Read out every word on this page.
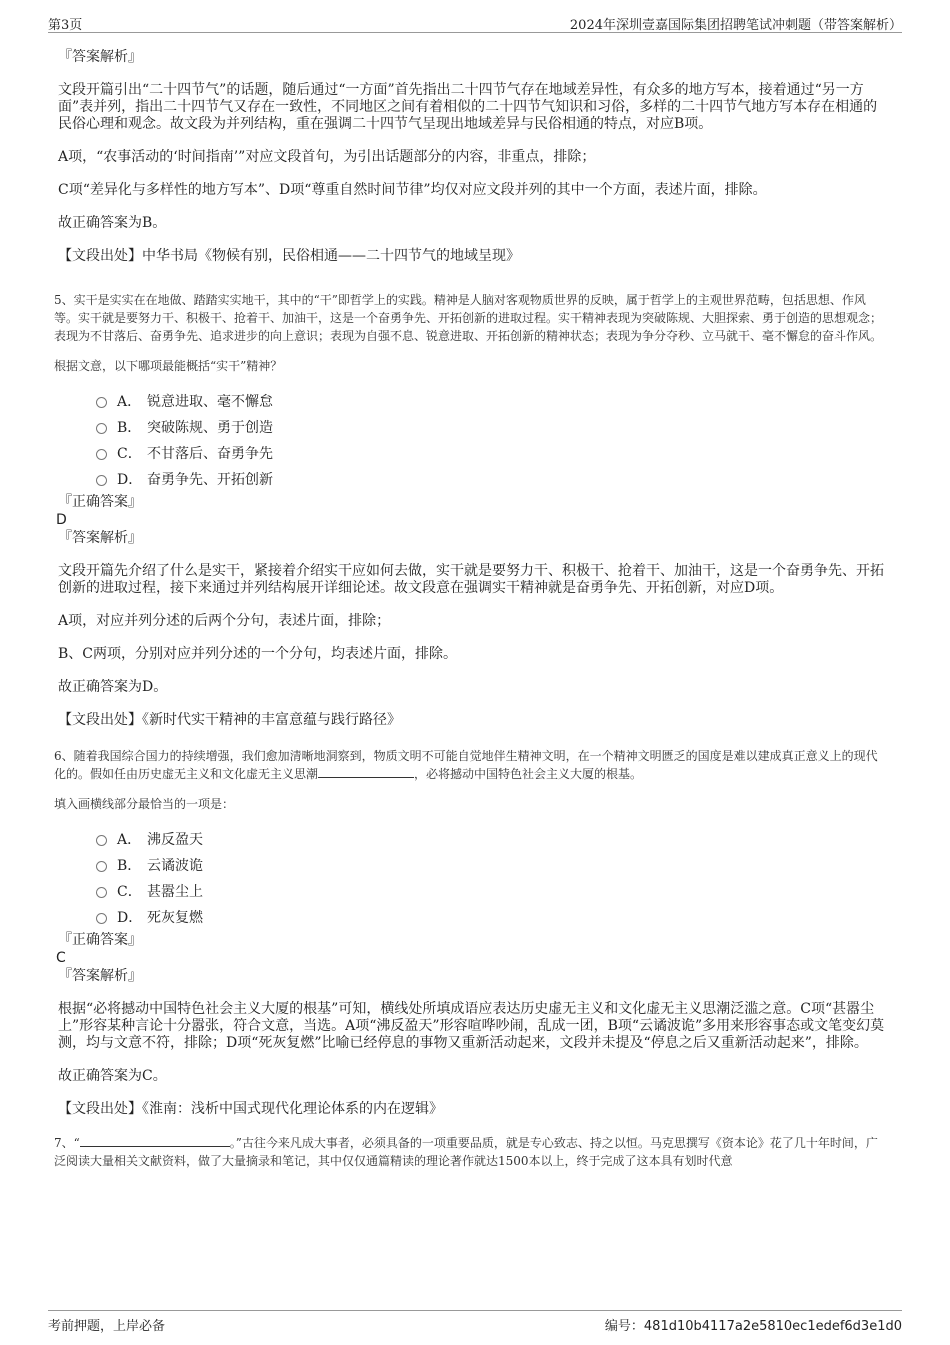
第3页	2024年深圳壹嘉国际集团招聘笔试冲刺题（带答案解析）

『答案解析』

文段开篇引出“二十四节气”的话题，随后通过“一方面”首先指出二十四节气存在地域差异性，有众多的地方写本，接着通过“另一方面”表并列，指出二十四节气又存在一致性，不同地区之间有着相似的二十四节气知识和习俗，多样的二十四节气地方写本存在相通的民俗心理和观念。故文段为并列结构，重在强调二十四节气呈现出地域差异与民俗相通的特点，对应B项。

A项，“农事活动的‘时间指南’”对应文段首句，为引出话题部分的内容，非重点，排除；

C项“差异化与多样性的地方写本”、D项“尊重自然时间节律”均仅对应文段并列的其中一个方面，表述片面，排除。

故正确答案为B。

【文段出处】中华书局《物候有别，民俗相通——二十四节气的地域呈现》

5、实干是实实在在地做、踏踏实实地干，其中的“干”即哲学上的实践。精神是人脑对客观物质世界的反映，属于哲学上的主观世界范畴，包括思想、作风等。实干就是要努力干、积极干、抢着干、加油干，这是一个奋勇争先、开拓创新的进取过程。实干精神表现为突破陈规、大胆探索、勇于创造的思想观念；表现为不甘落后、奋勇争先、追求进步的向上意识；表现为自强不息、锐意进取、开拓创新的精神状态；表现为争分夺秒、立马就干、毫不懈怠的奋斗作风。

根据文意，以下哪项最能概括“实干”精神？

A． 锐意进取、毫不懈怠
B． 突破陈规、勇于创造
C． 不甘落后、奋勇争先
D． 奋勇争先、开拓创新

『正确答案』

D

『答案解析』

文段开篇先介绍了什么是实干，紧接着介绍实干应如何去做，实干就是要努力干、积极干、抢着干、加油干，这是一个奋勇争先、开拓创新的进取过程，接下来通过并列结构展开详细论述。故文段意在强调实干精神就是奋勇争先、开拓创新，对应D项。

A项，对应并列分述的后两个分句，表述片面，排除；

B、C两项，分别对应并列分述的一个分句，均表述片面，排除。

故正确答案为D。

【文段出处】《新时代实干精神的丰富意蕴与践行路径》

6、随着我国综合国力的持续增强，我们愈加清晰地洞察到，物质文明不可能自觉地伴生精神文明，在一个精神文明匮乏的国度是难以建成真正意义上的现代化的。假如任由历史虚无主义和文化虚无主义思潮	，必将撼动中国特色社会主义大厦的根基。

填入画横线部分最恰当的一项是：

A． 沸反盈天
B． 云谲波诡
C． 甚嚣尘上
D． 死灰复燃

『正确答案』

C

『答案解析』

根据“必将撼动中国特色社会主义大厦的根基”可知，横线处所填成语应表达历史虚无主义和文化虚无主义思潮泛滥之意。C项“甚嚣尘上”形容某种言论十分嚣张，符合文意，当选。A项“沸反盈天”形容喧哗吵闹，乱成一团，B项“云谲波诡”多用来形容事态或文笔变幻莫测，均与文意不符，排除；D项“死灰复燃”比喻已经停息的事物又重新活动起来，文段并未提及“停息之后又重新活动起来”，排除。

故正确答案为C。

【文段出处】《淮南：浅析中国式现代化理论体系的内在逻辑》

7、“	。”古往今来凡成大事者，必须具备的一项重要品质，就是专心致志、持之以恒。马克思撰写《资本论》花了几十年时间，广泛阅读大量相关文献资料，做了大量摘录和笔记，其中仅仅通篇精读的理论著作就达1500本以上，终于完成了这本具有划时代意

考前押题，上岸必备	编号：481d10b4117a2e5810ec1edef6d3e1d0
